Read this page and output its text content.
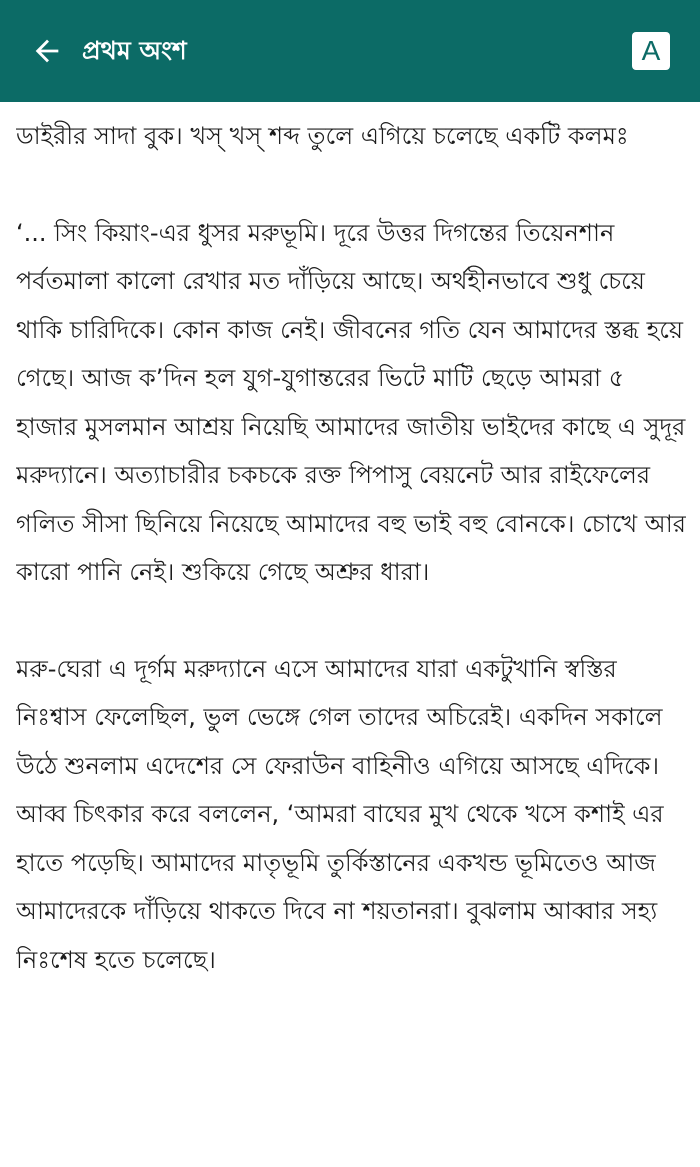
প্রথম অংশ	A

ডাইরীর সাদা বুক। খস্ খস্ শব্দ তুলে এগিয়ে চলেছে একটি কলমঃ

‘... সিং কিয়াং-এর ধুসর মরুভূমি। দূরে উত্তর দিগন্তের তিয়েনশান পর্বতমালা কালো রেখার মত দাঁড়িয়ে আছে। অর্থহীনভাবে শুধু চেয়ে থাকি চারিদিকে। কোন কাজ নেই। জীবনের গতি যেন আমাদের স্তব্ধ হয়ে গেছে। আজ ক’দিন হল যুগ-যুগান্তরের ভিটে মাটি ছেড়ে আমরা ৫ হাজার মুসলমান আশ্রয় নিয়েছি আমাদের জাতীয় ভাইদের কাছে এ সুদূর মরুদ্যানে। অত্যাচারীর চকচকে রক্ত পিপাসু বেয়নেট আর রাইফেলের গলিত সীসা ছিনিয়ে নিয়েছে আমাদের বহু ভাই বহু বোনকে। চোখে আর কারো পানি নেই। শুকিয়ে গেছে অশ্রুর ধারা।

মরু-ঘেরা এ দূর্গম মরুদ্যানে এসে আমাদের যারা একটুখানি স্বস্তির নিঃশ্বাস ফেলেছিল, ভুল ভেঙ্গে গেল তাদের অচিরেই। একদিন সকালে উঠে শুনলাম এদেশের সে ফেরাউন বাহিনীও এগিয়ে আসছে এদিকে। আব্ব চিৎকার করে বললেন, ‘আমরা বাঘের মুখ থেকে খসে কশাই এর হাতে পড়েছি। আমাদের মাতৃভূমি তুর্কিস্তানের একখন্ড ভূমিতেও আজ আমাদেরকে দাঁড়িয়ে থাকতে দিবে না শয়তানরা। বুঝলাম আব্বার সহ্য নিঃশেষ হতে চলেছে।
